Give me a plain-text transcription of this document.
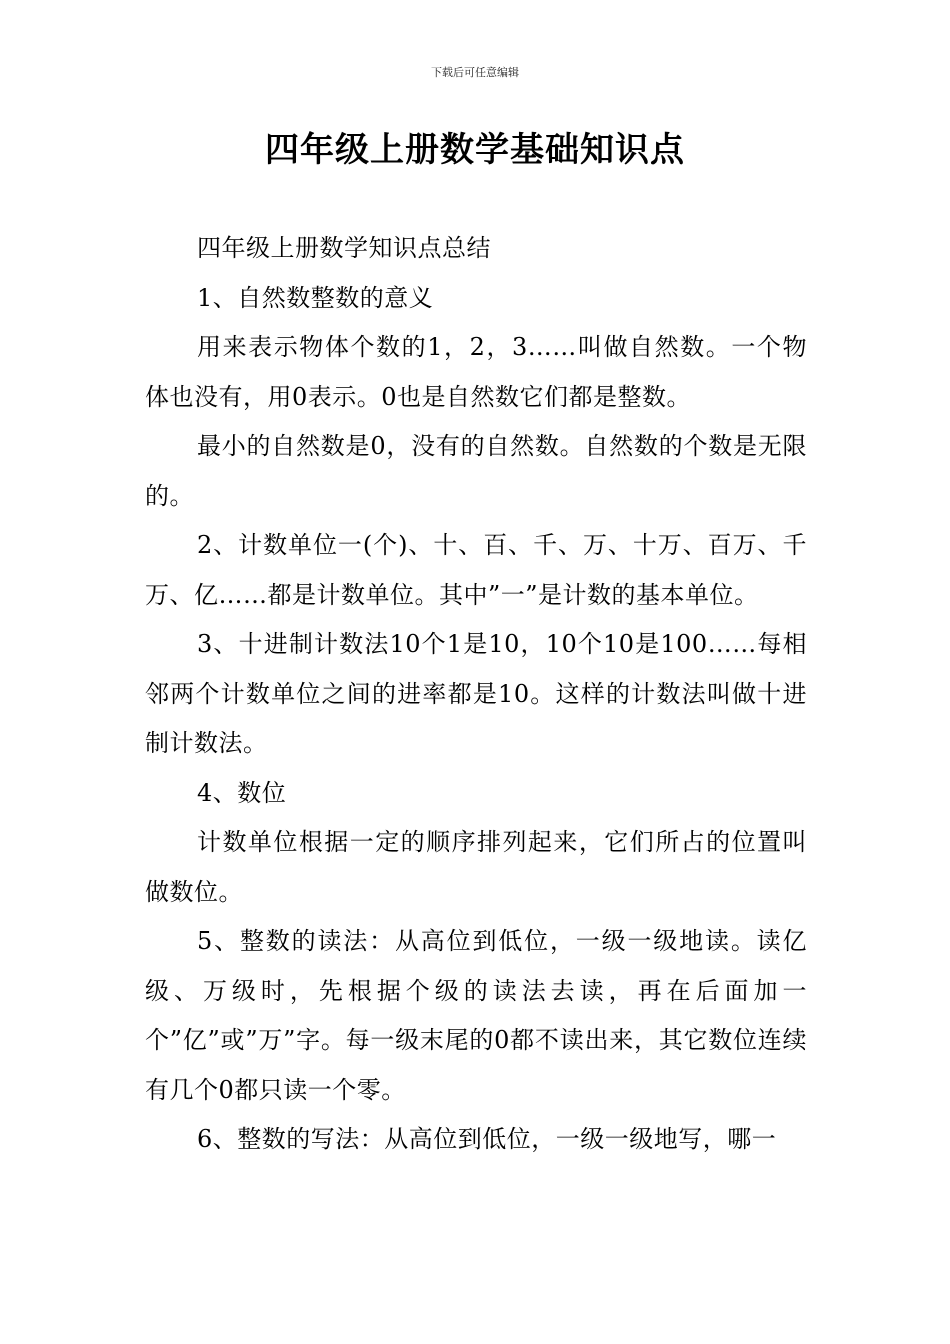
下载后可任意编辑
四年级上册数学基础知识点

四年级上册数学知识点总结

1、自然数整数的意义

用来表示物体个数的1，2，3……叫做自然数。一个物体也没有，用0表示。0也是自然数它们都是整数。

最小的自然数是0，没有的自然数。自然数的个数是无限的。

2、计数单位一(个)、十、百、千、万、十万、百万、千万、亿……都是计数单位。其中”一”是计数的基本单位。

3、十进制计数法10个1是10，10个10是100……每相邻两个计数单位之间的进率都是10。这样的计数法叫做十进制计数法。

4、数位

计数单位根据一定的顺序排列起来，它们所占的位置叫做数位。

5、整数的读法：从高位到低位，一级一级地读。读亿级、万级时，先根据个级的读法去读，再在后面加一个”亿”或”万”字。每一级末尾的0都不读出来，其它数位连续有几个0都只读一个零。

6、整数的写法：从高位到低位，一级一级地写，哪一
